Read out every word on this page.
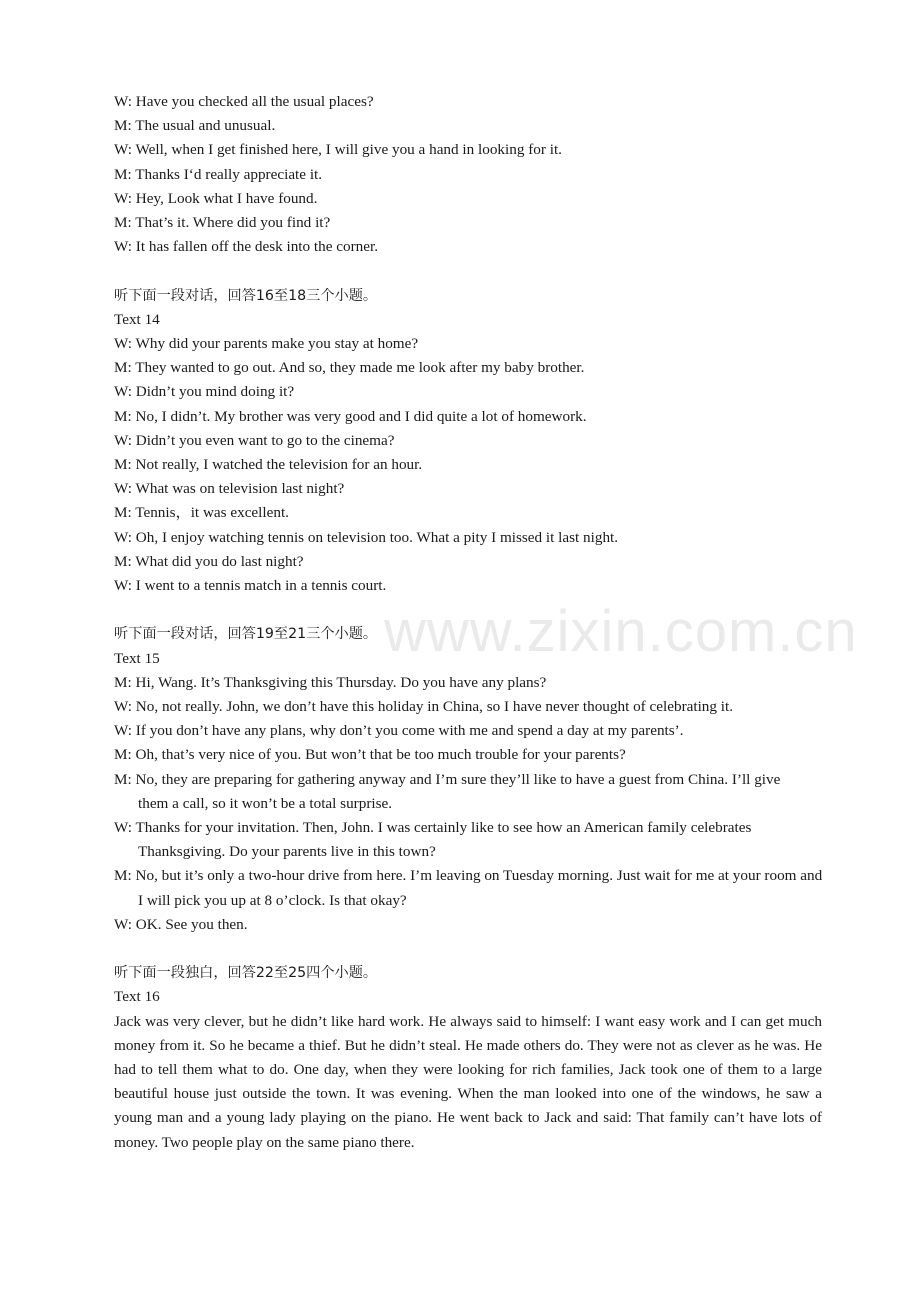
www.zixin.com.cn
W: Have you checked all the usual places?
M: The usual and unusual.
W: Well, when I get finished here, I will give you a hand in looking for it.
M: Thanks I‘d really appreciate it.
W: Hey, Look what I have found.
M: That’s it. Where did you find it?
W: It has fallen off the desk into the corner.
听下面一段对话，回答16至18三个小题。
Text 14
W: Why did your parents make you stay at home?
M: They wanted to go out. And so, they made me look after my baby brother.
W: Didn’t you mind doing it?
M: No, I didn’t. My brother was very good and I did quite a lot of homework.
W: Didn’t you even want to go to the cinema?
M: Not really, I watched the television for an hour.
W: What was on television last night?
M: Tennis，it was excellent.
W: Oh, I enjoy watching tennis on television too. What a pity I missed it last night.
M: What did you do last night?
W: I went to a tennis match in a tennis court.
听下面一段对话，回答19至21三个小题。
Text 15
M: Hi, Wang. It’s Thanksgiving this Thursday. Do you have any plans?
W: No, not really. John, we don’t have this holiday in China, so I have never thought of celebrating it.
W: If you don’t have any plans, why don’t you come with me and spend a day at my parents’.
M: Oh, that’s very nice of you. But won’t that be too much trouble for your parents?
M: No, they are preparing for gathering anyway and I’m sure they’ll like to have a guest from China. I’ll give them a call, so it won’t be a total surprise.
W: Thanks for your invitation. Then, John. I was certainly like to see how an American family celebrates Thanksgiving. Do your parents live in this town?
M: No, but it’s only a two-hour drive from here. I’m leaving on Tuesday morning. Just wait for me at your room and I will pick you up at 8 o’clock. Is that okay?
W: OK. See you then.
听下面一段独白，回答22至25四个小题。
Text 16
Jack was very clever, but he didn’t like hard work. He always said to himself: I want easy work and I can get much money from it. So he became a thief. But he didn’t steal. He made others do. They were not as clever as he was. He had to tell them what to do. One day, when they were looking for rich families, Jack took one of them to a large beautiful house just outside the town. It was evening. When the man looked into one of the windows, he saw a young man and a young lady playing on the piano. He went back to Jack and said: That family can’t have lots of money. Two people play on the same piano there.
